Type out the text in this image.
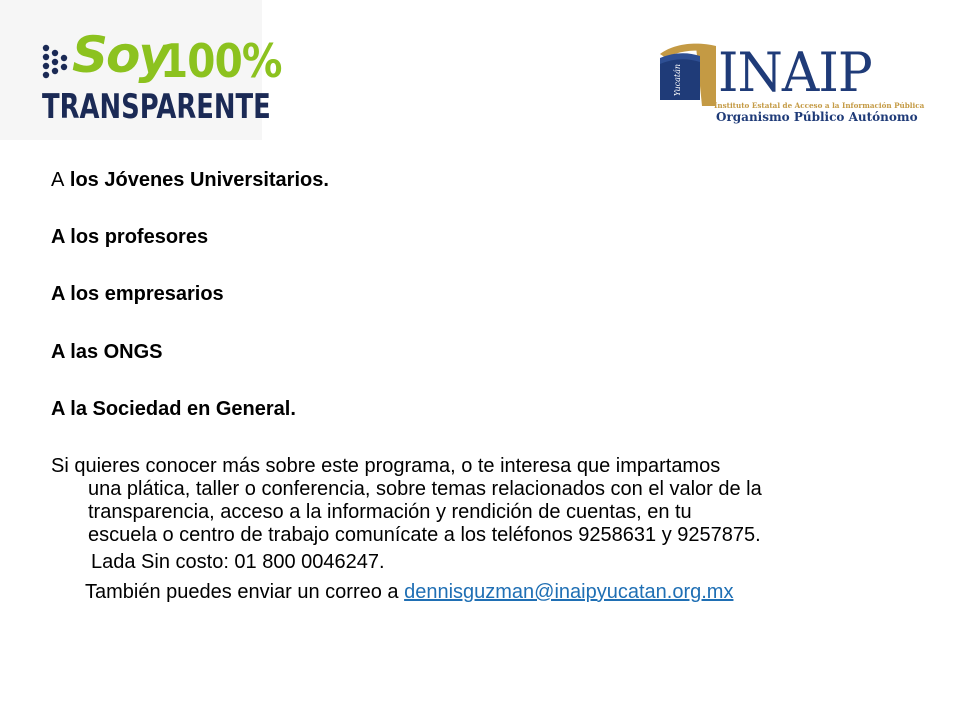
Soy
100%
TRANSPARENTE
Yucatán INAIP
Instituto Estatal de Acceso a la Información Pública
Organismo Público Autónomo
A los Jóvenes Universitarios.
A los profesores
A los empresarios
A las ONGS
A la Sociedad en General.
Si quieres conocer más sobre este programa, o te interesa que impartamos
una plática, taller o conferencia, sobre temas relacionados con el valor de la
transparencia, acceso a la información y rendición de cuentas, en tu
escuela o centro de trabajo comunícate a los teléfonos 9258631 y 9257875.
Lada Sin costo: 01 800 0046247.
También puedes enviar un correo a dennisguzman@inaipyucatan.org.mx
